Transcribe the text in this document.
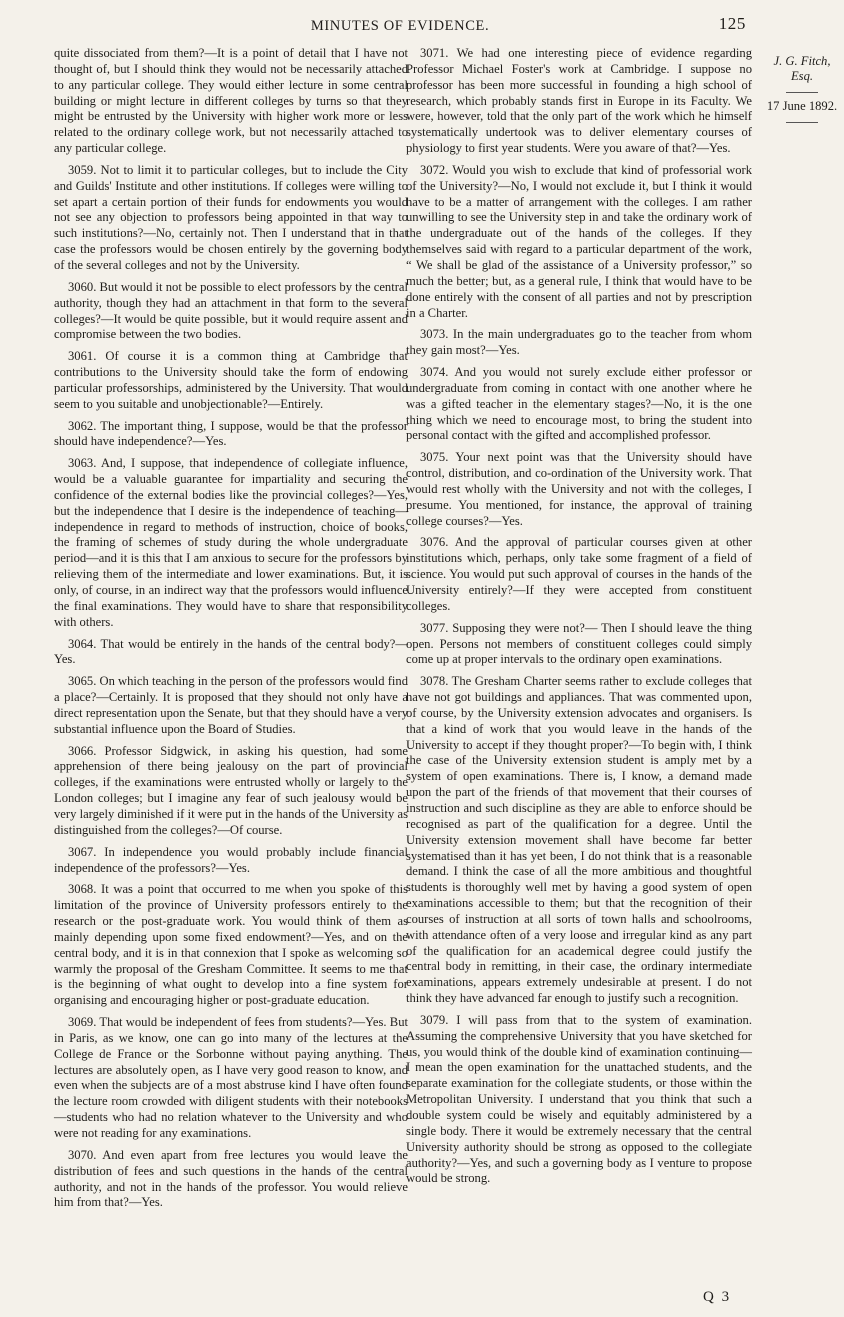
MINUTES OF EVIDENCE.	125

quite dissociated from them?—It is a point of detail that I have not thought of, but I should think they would not be necessarily attached to any particular college. They would either lecture in some central building or might lecture in different colleges by turns so that they might be entrusted by the University with higher work more or less related to the ordinary college work, but not necessarily attached to any particular college.

3059. Not to limit it to particular colleges, but to include the City and Guilds' Institute and other institutions. If colleges were willing to set apart a certain portion of their funds for endowments you would not see any objection to professors being appointed in that way to such institutions?—No, certainly not. Then I understand that in that case the professors would be chosen entirely by the governing body of the several colleges and not by the University.

3060. But would it not be possible to elect professors by the central authority, though they had an attachment in that form to the several colleges?—It would be quite possible, but it would require assent and compromise between the two bodies.

3061. Of course it is a common thing at Cambridge that contributions to the University should take the form of endowing particular professorships, administered by the University. That would seem to you suitable and unobjectionable?—Entirely.

3062. The important thing, I suppose, would be that the professor should have independence?—Yes.

3063. And, I suppose, that independence of collegiate influence, would be a valuable guarantee for impartiality and securing the confidence of the external bodies like the provincial colleges?—Yes, but the independence that I desire is the independence of teaching—independence in regard to methods of instruction, choice of books, the framing of schemes of study during the whole undergraduate period—and it is this that I am anxious to secure for the professors by relieving them of the intermediate and lower examinations. But, it is only, of course, in an indirect way that the professors would influence the final examinations. They would have to share that responsibility with others.

3064. That would be entirely in the hands of the central body?—Yes.

3065. On which teaching in the person of the professors would find a place?—Certainly. It is proposed that they should not only have a direct representation upon the Senate, but that they should have a very substantial influence upon the Board of Studies.

3066. Professor Sidgwick, in asking his question, had some apprehension of there being jealousy on the part of provincial colleges, if the examinations were entrusted wholly or largely to the London colleges; but I imagine any fear of such jealousy would be very largely diminished if it were put in the hands of the University as distinguished from the colleges?—Of course.

3067. In independence you would probably include financial independence of the professors?—Yes.

3068. It was a point that occurred to me when you spoke of this limitation of the province of University professors entirely to the research or the post-graduate work. You would think of them as mainly depending upon some fixed endowment?—Yes, and on the central body, and it is in that connexion that I spoke as welcoming so warmly the proposal of the Gresham Committee. It seems to me that is the beginning of what ought to develop into a fine system for organising and encouraging higher or post-graduate education.

3069. That would be independent of fees from students?—Yes. But in Paris, as we know, one can go into many of the lectures at the College de France or the Sorbonne without paying anything. The lectures are absolutely open, as I have very good reason to know, and even when the subjects are of a most abstruse kind I have often found the lecture room crowded with diligent students with their notebooks—students who had no relation whatever to the University and who were not reading for any examinations.

3070. And even apart from free lectures you would leave the distribution of fees and such questions in the hands of the central authority, and not in the hands of the professor. You would relieve him from that?—Yes.

3071. We had one interesting piece of evidence regarding Professor Michael Foster's work at Cambridge. I suppose no professor has been more successful in founding a high school of research, which probably stands first in Europe in its Faculty. We were, however, told that the only part of the work which he himself systematically undertook was to deliver elementary courses of physiology to first year students. Were you aware of that?—Yes.

3072. Would you wish to exclude that kind of professorial work of the University?—No, I would not exclude it, but I think it would have to be a matter of arrangement with the colleges. I am rather unwilling to see the University step in and take the ordinary work of the undergraduate out of the hands of the colleges. If they themselves said with regard to a particular department of the work, “ We shall be glad of the assistance of a University professor,” so much the better; but, as a general rule, I think that would have to be done entirely with the consent of all parties and not by prescription in a Charter.

3073. In the main undergraduates go to the teacher from whom they gain most?—Yes.

3074. And you would not surely exclude either professor or undergraduate from coming in contact with one another where he was a gifted teacher in the elementary stages?—No, it is the one thing which we need to encourage most, to bring the student into personal contact with the gifted and accomplished professor.

3075. Your next point was that the University should have control, distribution, and co-ordination of the University work. That would rest wholly with the University and not with the colleges, I presume. You mentioned, for instance, the approval of training college courses?—Yes.

3076. And the approval of particular courses given at other institutions which, perhaps, only take some fragment of a field of science. You would put such approval of courses in the hands of the University entirely?—If they were accepted from constituent colleges.

3077. Supposing they were not?— Then I should leave the thing open. Persons not members of constituent colleges could simply come up at proper intervals to the ordinary open examinations.

3078. The Gresham Charter seems rather to exclude colleges that have not got buildings and appliances. That was commented upon, of course, by the University extension advocates and organisers. Is that a kind of work that you would leave in the hands of the University to accept if they thought proper?—To begin with, I think the case of the University extension student is amply met by a system of open examinations. There is, I know, a demand made upon the part of the friends of that movement that their courses of instruction and such discipline as they are able to enforce should be recognised as part of the qualification for a degree. Until the University extension movement shall have become far better systematised than it has yet been, I do not think that is a reasonable demand. I think the case of all the more ambitious and thoughtful students is thoroughly well met by having a good system of open examinations accessible to them; but that the recognition of their courses of instruction at all sorts of town halls and schoolrooms, with attendance often of a very loose and irregular kind as any part of the qualification for an academical degree could justify the central body in remitting, in their case, the ordinary intermediate examinations, appears extremely undesirable at present. I do not think they have advanced far enough to justify such a recognition.

3079. I will pass from that to the system of examination. Assuming the comprehensive University that you have sketched for us, you would think of the double kind of examination continuing—I mean the open examination for the unattached students, and the separate examination for the collegiate students, or those within the Metropolitan University. I understand that you think that such a double system could be wisely and equitably administered by a single body. There it would be extremely necessary that the central University authority should be strong as opposed to the collegiate authority?—Yes, and such a governing body as I venture to propose would be strong.

J. G. Fitch,
Esq.
17 June 1892.
Q 3
